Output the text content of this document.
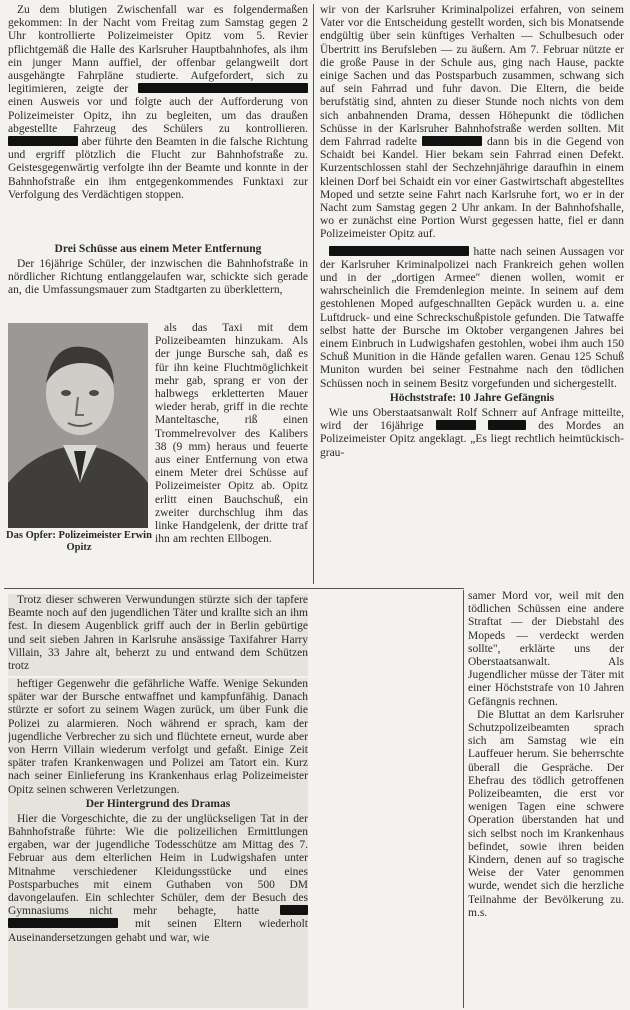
Zu dem blutigen Zwischenfall war es folgendermaßen gekommen: In der Nacht vom Freitag zum Samstag gegen 2 Uhr kontrollierte Polizeimeister Opitz vom 5. Revier pflichtgemäß die Halle des Karlsruher Hauptbahnhofes, als ihm ein junger Mann auffiel, der offenbar gelangweilt dort ausgehängte Fahrpläne studierte. Aufgefordert, sich zu legitimieren, zeigte der  einen Ausweis vor und folgte auch der Aufforderung von Polizeimeister Opitz, ihn zu begleiten, um das draußen abgestellte Fahrzeug des Schülers zu kontrollieren.  aber führte den Beamten in die falsche Richtung und ergriff plötzlich die Flucht zur Bahnhofstraße zu. Geistesgegenwärtig verfolgte ihn der Beamte und konnte in der Bahnhofstraße ein ihm entgegenkommendes Funktaxi zur Verfolgung des Verdächtigen stoppen.

Drei Schüsse aus einem Meter Entfernung

Der 16jährige Schüler, der inzwischen die Bahnhofstraße in nördlicher Richtung entlanggelaufen war, schickte sich gerade an, die Umfassungsmauer zum Stadtgarten zu überklettern,

Das Opfer: Polizeimeister Erwin Opitz

als das Taxi mit dem Polizeibeamten hinzukam. Als der junge Bursche sah, daß es für ihn keine Fluchtmöglichkeit mehr gab, sprang er von der halbwegs erkletterten Mauer wieder herab, griff in die rechte Manteltasche, riß einen Trommelrevolver des Kalibers 38 (9 mm) heraus und feuerte aus einer Entfernung von etwa einem Meter drei Schüsse auf Polizeimeister Opitz ab. Opitz erlitt einen Bauchschuß, ein zweiter durchschlug ihm das linke Handgelenk, der dritte traf ihn am rechten Ellbogen.

Trotz dieser schweren Verwundungen stürzte sich der tapfere Beamte noch auf den jugendlichen Täter und krallte sich an ihm fest. In diesem Augenblick griff auch der in Berlin gebürtige und seit sieben Jahren in Karlsruhe ansässige Taxifahrer Harry Villain, 33 Jahre alt, beherzt zu und entwand dem Schützen trotz

heftiger Gegenwehr die gefährliche Waffe. Wenige Sekunden später war der Bursche entwaffnet und kampfunfähig. Danach stürzte er sofort zu seinem Wagen zurück, um über Funk die Polizei zu alarmieren. Noch während er sprach, kam der jugendliche Verbrecher zu sich und flüchtete erneut, wurde aber von Herrn Villain wiederum verfolgt und gefaßt. Einige Zeit später trafen Krankenwagen und Polizei am Tatort ein. Kurz nach seiner Einlieferung ins Krankenhaus erlag Polizeimeister Opitz seinen schweren Verletzungen.

Der Hintergrund des Dramas

Hier die Vorgeschichte, die zu der unglückseligen Tat in der Bahnhofstraße führte: Wie die polizeilichen Ermittlungen ergaben, war der jugendliche Todesschütze am Mittag des 7. Februar aus dem elterlichen Heim in Ludwigshafen unter Mitnahme verschiedener Kleidungsstücke und eines Postsparbuches mit einem Guthaben von 500 DM davongelaufen. Ein schlechter Schüler, dem der Besuch des Gymnasiums nicht mehr behagte, hatte   mit seinen Eltern wiederholt Auseinandersetzungen gehabt und war, wie

wir von der Karlsruher Kriminalpolizei erfahren, von seinem Vater vor die Entscheidung gestellt worden, sich bis Monatsende endgültig über sein künftiges Verhalten — Schulbesuch oder Übertritt ins Berufsleben — zu äußern. Am 7. Februar nützte er die große Pause in der Schule aus, ging nach Hause, packte einige Sachen und das Postsparbuch zusammen, schwang sich auf sein Fahrrad und fuhr davon. Die Eltern, die beide berufstätig sind, ahnten zu dieser Stunde noch nichts von dem sich anbahnenden Drama, dessen Höhepunkt die tödlichen Schüsse in der Karlsruher Bahnhofstraße werden sollten. Mit dem Fahrrad radelte	dann bis in die Gegend von Schaidt bei Kandel. Hier bekam sein Fahrrad einen Defekt. Kurzentschlossen stahl der Sechzehnjährige daraufhin in einem kleinen Dorf bei Schaidt ein vor einer Gastwirtschaft abgestelltes Moped und setzte seine Fahrt nach Karlsruhe fort, wo er in der Nacht zum Samstag gegen 2 Uhr ankam. In der Bahnhofshalle, wo er zunächst eine Portion Wurst gegessen hatte, fiel er dann Polizeimeister Opitz auf.

hatte nach seinen Aussagen vor der Karlsruher Kriminalpolizei nach Frankreich gehen wollen und in der „dortigen Armee" dienen wollen, womit er wahrscheinlich die Fremdenlegion meinte. In seinem auf dem gestohlenen Moped aufgeschnallten Gepäck wurden u. a. eine Luftdruck- und eine Schreckschußpistole gefunden. Die Tatwaffe selbst hatte der Bursche im Oktober vergangenen Jahres bei einem Einbruch in Ludwigshafen gestohlen, wobei ihm auch 150 Schuß Munition in die Hände gefallen waren. Genau 125 Schuß Muniton wurden bei seiner Festnahme nach den tödlichen Schüssen noch in seinem Besitz vorgefunden und sichergestellt.

Höchststrafe: 10 Jahre Gefängnis

Wie uns Oberstaatsanwalt Rolf Schnerr auf Anfrage mitteilte, wird der 16jährige	des Mordes an Polizeimeister Opitz angeklagt. „Es liegt rechtlich heimtückisch-grau-

samer Mord vor, weil mit den tödlichen Schüssen eine andere Straftat — der Diebstahl des Mopeds — verdeckt werden sollte", erklärte uns der Oberstaatsanwalt. Als Jugendlicher müsse der Täter mit einer Höchststrafe von 10 Jahren Gefängnis rechnen.

Die Bluttat an dem Karlsruher Schutzpolizeibeamten sprach sich am Samstag wie ein Lauffeuer herum. Sie beherrschte überall die Gespräche. Der Ehefrau des tödlich getroffenen Polizeibeamten, die erst vor wenigen Tagen eine schwere Operation überstanden hat und sich selbst noch im Krankenhaus befindet, sowie ihren beiden Kindern, denen auf so tragische Weise der Vater genommen wurde, wendet sich die herzliche Teilnahme der Bevölkerung zu. m.s.
